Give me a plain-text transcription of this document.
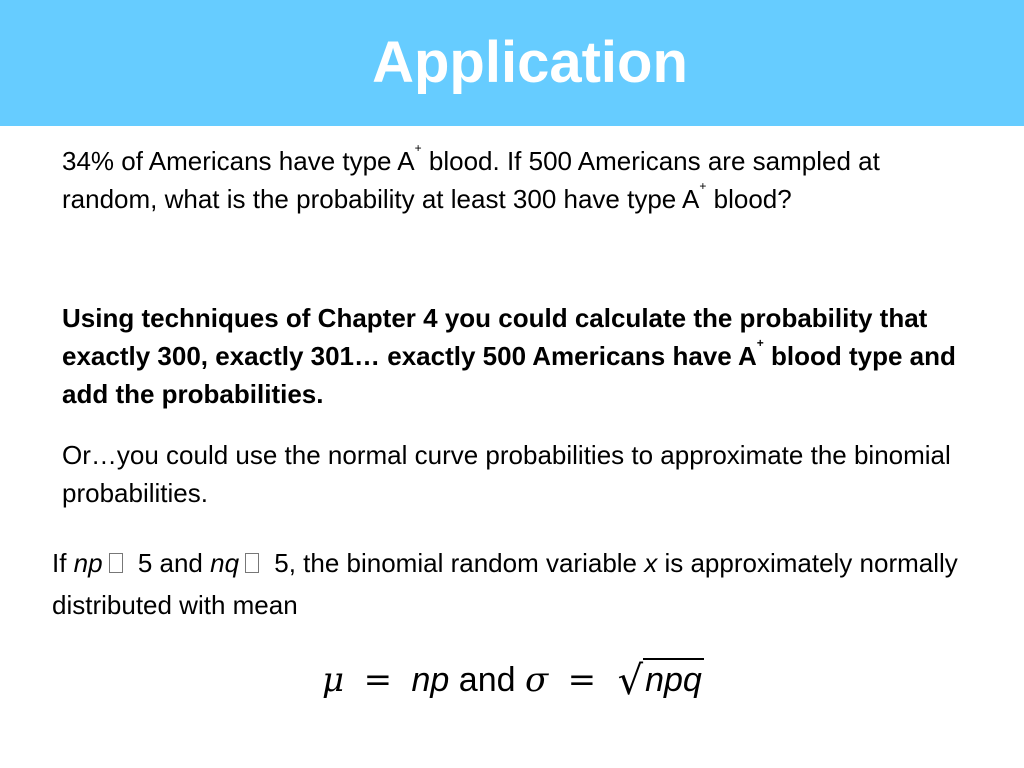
Application

34% of Americans have type A+ blood. If 500 Americans are sampled at random, what is the probability at least 300 have type A+ blood?

Using techniques of Chapter 4 you could calculate the probability that exactly 300, exactly 301… exactly 500 Americans have A+ blood type and add the probabilities.

Or…you could use the normal curve probabilities to approximate the binomial probabilities.

If np 5 and nq 5, the binomial random variable x is approximately normally distributed with mean

μ = np and σ = √npq
